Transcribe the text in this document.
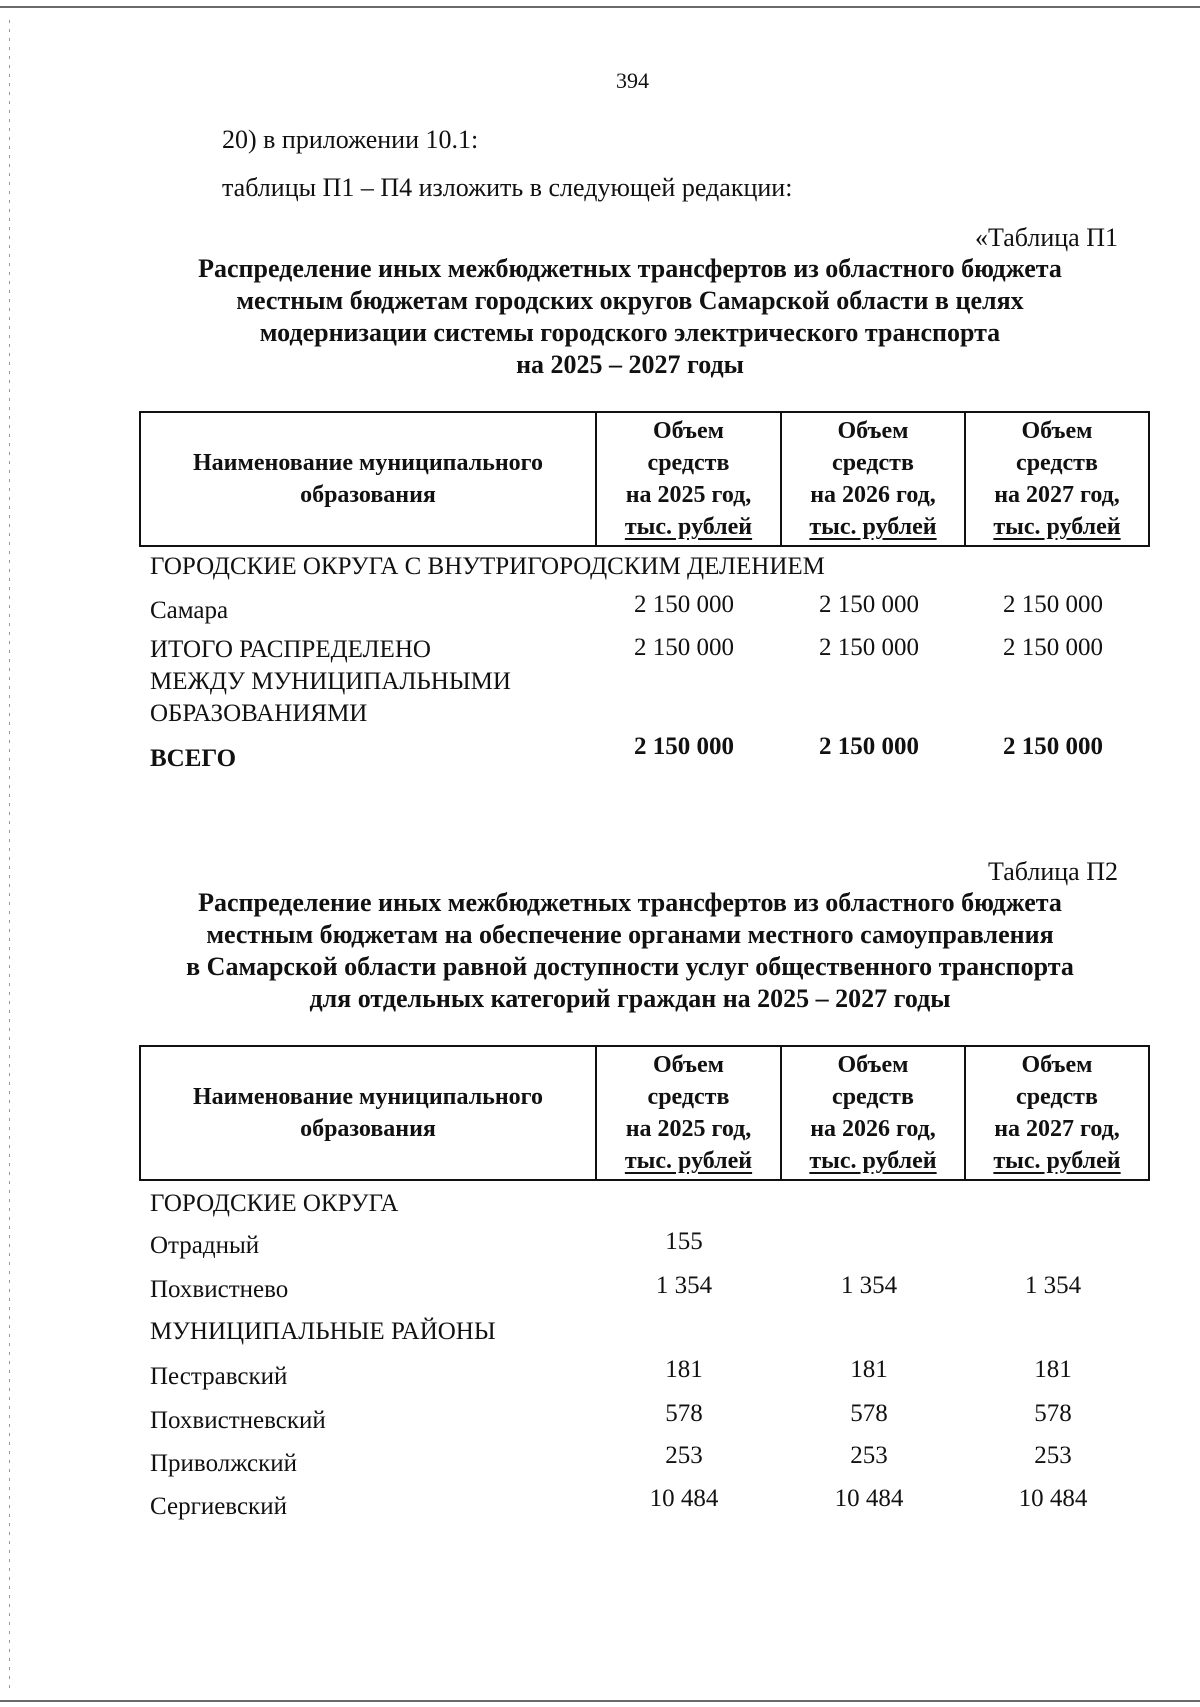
394
20) в приложении 10.1:
таблицы П1 – П4 изложить в следующей редакции:
«Таблица П1
Распределение иных межбюджетных трансфертов из областного бюджета
местным бюджетам городских округов Самарской области в целях
модернизации системы городского электрического транспорта
на 2025 – 2027 годы
Наименование муниципального
образования

Объем
средств
на 2025 год,
тыс. рублей

Объем
средств
на 2026 год,
тыс. рублей

Объем
средств
на 2027 год,
тыс. рублей
ГОРОДСКИЕ ОКРУГА С ВНУТРИГОРОДСКИМ ДЕЛЕНИЕМ
Самара	2 150 000	2 150 000	2 150 000
ИТОГО РАСПРЕДЕЛЕНО
МЕЖДУ МУНИЦИПАЛЬНЫМИ
ОБРАЗОВАНИЯМИ
2 150 000	2 150 000	2 150 000
ВСЕГО	2 150 000	2 150 000	2 150 000
Таблица П2
Распределение иных межбюджетных трансфертов из областного бюджета
местным бюджетам на обеспечение органами местного самоуправления
в Самарской области равной доступности услуг общественного транспорта
для отдельных категорий граждан на 2025 – 2027 годы
Наименование муниципального
образования

Объем
средств
на 2025 год,
тыс. рублей

Объем
средств
на 2026 год,
тыс. рублей

Объем
средств
на 2027 год,
тыс. рублей
ГОРОДСКИЕ ОКРУГА
Отрадный	155
Похвистнево	1 354	1 354	1 354
МУНИЦИПАЛЬНЫЕ РАЙОНЫ
Пестравский	181	181	181
Похвистневский	578	578	578
Приволжский	253	253	253
Сергиевский	10 484	10 484	10 484
